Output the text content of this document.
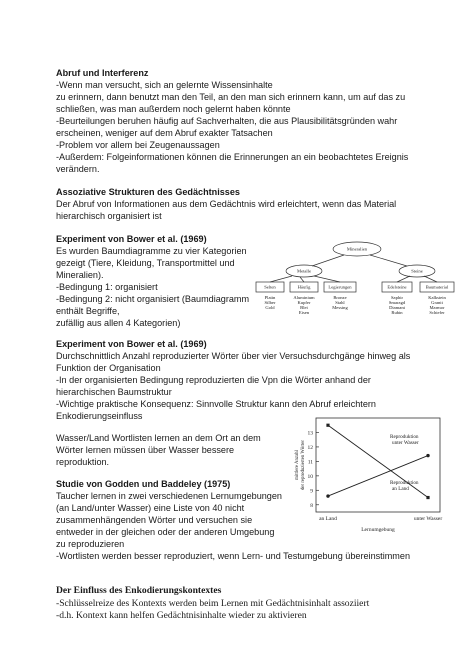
Abruf und Interferenz

-Wenn man versucht, sich an gelernte Wissensinhalte

zu erinnern, dann benutzt man den Teil, an den man sich erinnern kann, um auf das zu

schließen, was man außerdem noch gelernt haben könnte

-Beurteilungen beruhen häufig auf Sachverhalten, die aus Plausibilitätsgründen wahr

erscheinen, weniger auf dem Abruf exakter Tatsachen

-Problem vor allem bei Zeugenaussagen

-Außerdem: Folgeinformationen können die Erinnerungen an ein beobachtetes Ereignis

verändern.

Assoziative Strukturen des Gedächtnisses

Der Abruf von Informationen aus dem Gedächtnis wird erleichtert, wenn das Material

hierarchisch organisiert ist

Experiment von Bower et al. (1969)

Es wurden Baumdiagramme zu vier Kategorien

gezeigt (Tiere, Kleidung, Transportmittel und

Mineralien).

-Bedingung 1: organisiert

-Bedingung 2: nicht organisiert (Baumdiagramm

enthält Begriffe,

zufällig aus allen 4 Kategorien)

Mineralien
Metalle	Steine
Selten	Häufig	Legierungen	Edelsteine	Baumaterial
Platin
Silber
Gold
Aluminium
Kupfer
Blei
Eisen
Bronze
Stahl
Messing
Saphir
Smaragd
Diamant
Rubin
Kalkstein
Granit
Marmor
Schiefer

Experiment von Bower et al. (1969)

Durchschnittlich Anzahl reproduzierter Wörter über vier Versuchsdurchgänge hinweg als

Funktion der Organisation

-In der organisierten Bedingung reproduzierten die Vpn die Wörter anhand der

hierarchischen Baumstruktur

-Wichtige praktische Konsequenz: Sinnvolle Struktur kann den Abruf erleichtern

Enkodierungseinfluss

Wasser/Land Wortlisten lernen an dem Ort an dem

Wörter lernen müssen über Wasser bessere

reproduktion.

Studie von Godden und Baddeley (1975)

Taucher lernen in zwei verschiedenen Lernumgebungen

(an Land/unter Wasser) eine Liste von 40 nicht

zusammenhängenden Wörter und versuchen sie

entweder in der gleichen oder der anderen Umgebung

zu reproduzieren

-Wortlisten werden besser reproduziert, wenn Lern- und Testumgebung übereinstimmen

8
9
10
11
12
13
an Land	unter Wasser
Lernumgebung
mittlere Anzahl der reproduzierten Wörter
Reproduktion
unter Wasser
Reproduktion
an Land

Der Einfluss des Enkodierungskontextes

-Schlüsselreize des Kontexts werden beim Lernen mit Gedächtnisinhalt assoziiert

-d.h. Kontext kann helfen Gedächtnisinhalte wieder zu aktivieren
